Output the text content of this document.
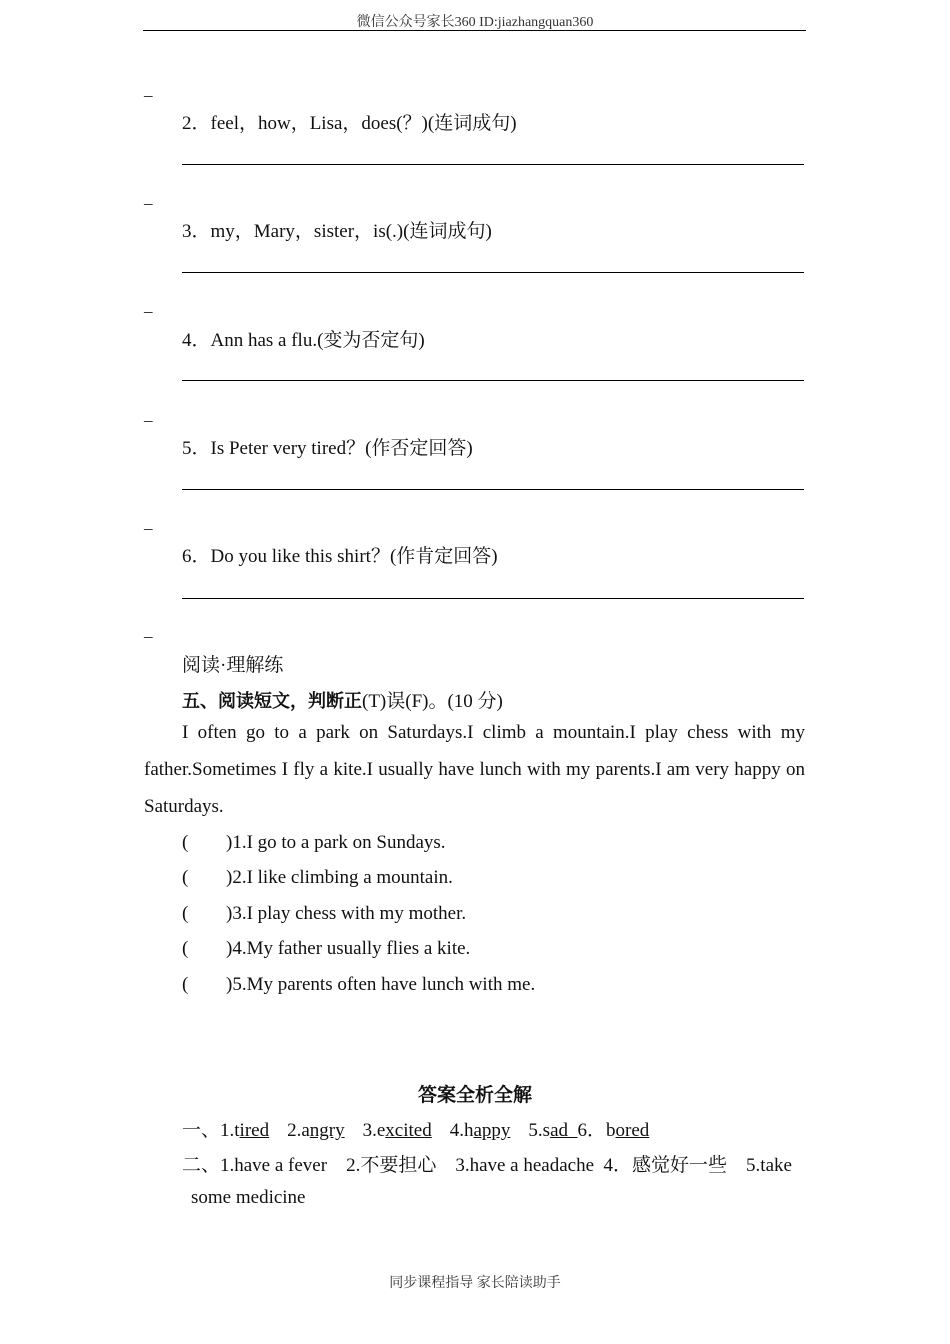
微信公众号家长360 ID:jiazhangquan360
_
2．feel，how，Lisa，does(？)(连词成句)
_
3．my，Mary，sister，is(.)(连词成句)
_
4．Ann has a flu.(变为否定句)
_
5．Is Peter very tired？(作否定回答)
_
6．Do you like this shirt？(作肯定回答)
_
阅读·理解练
五、阅读短文，判断正(T)误(F)。(10 分)
I often go to a park on Saturdays.I climb a mountain.I play chess with my father.Sometimes I fly a kite.I usually have lunch with my parents.I am very happy on Saturdays.
( )1.I go to a park on Sundays.
( )2.I like climbing a mountain.
( )3.I play chess with my mother.
( )4.My father usually flies a kite.
( )5.My parents often have lunch with me.
答案全析全解
一、1.tired 2.angry 3.excited 4.happy 5.sad  6．bored
二、1.have a fever    2.不要担心    3.have a headache  4．感觉好一些    5.take
some medicine
同步课程指导 家长陪读助手
